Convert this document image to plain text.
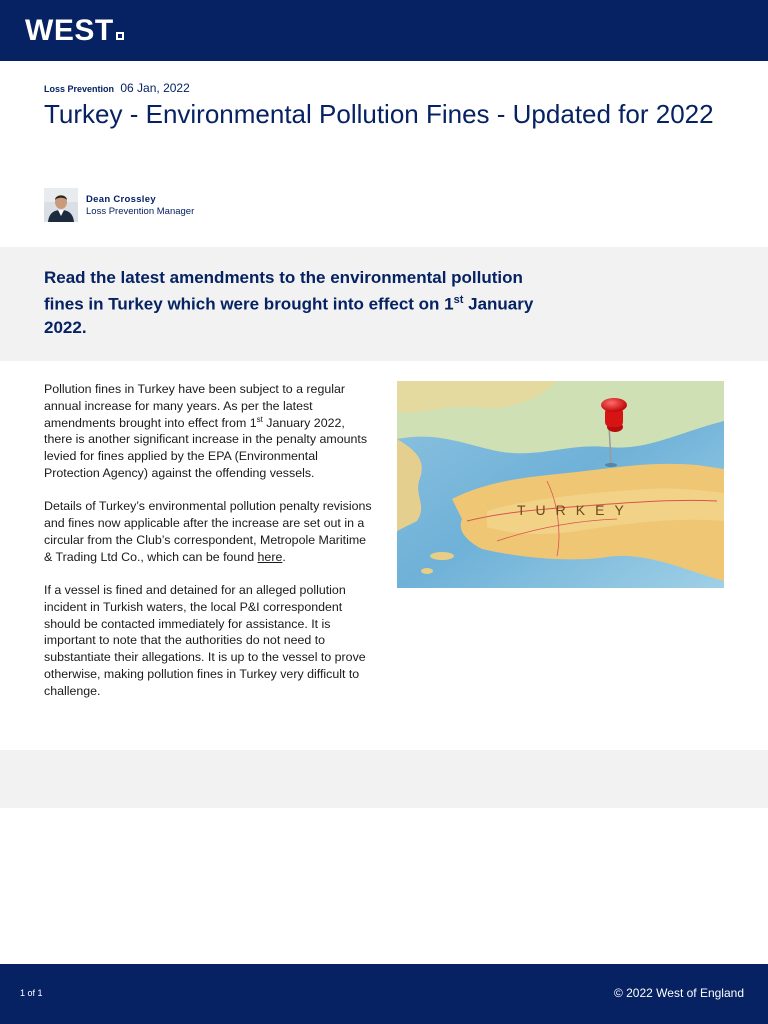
WEST
Loss Prevention 06 Jan, 2022
Turkey - Environmental Pollution Fines - Updated for 2022
Dean Crossley
Loss Prevention Manager

Read the latest amendments to the environmental pollution fines in Turkey which were brought into effect on 1st January 2022.

Pollution fines in Turkey have been subject to a regular annual increase for many years. As per the latest amendments brought into effect from 1st January 2022, there is another significant increase in the penalty amounts levied for fines applied by the EPA (Environmental Protection Agency) against the offending vessels.

Details of Turkey’s environmental pollution penalty revisions and fines now applicable after the increase are set out in a circular from the Club’s correspondent, Metropole Maritime & Trading Ltd Co., which can be found here.

If a vessel is fined and detained for an alleged pollution incident in Turkish waters, the local P&I correspondent should be contacted immediately for assistance. It is important to note that the authorities do not need to substantiate their allegations. It is up to the vessel to prove otherwise, making pollution fines in Turkey very difficult to challenge.

TURKEY
1 of 1	© 2022 West of England
